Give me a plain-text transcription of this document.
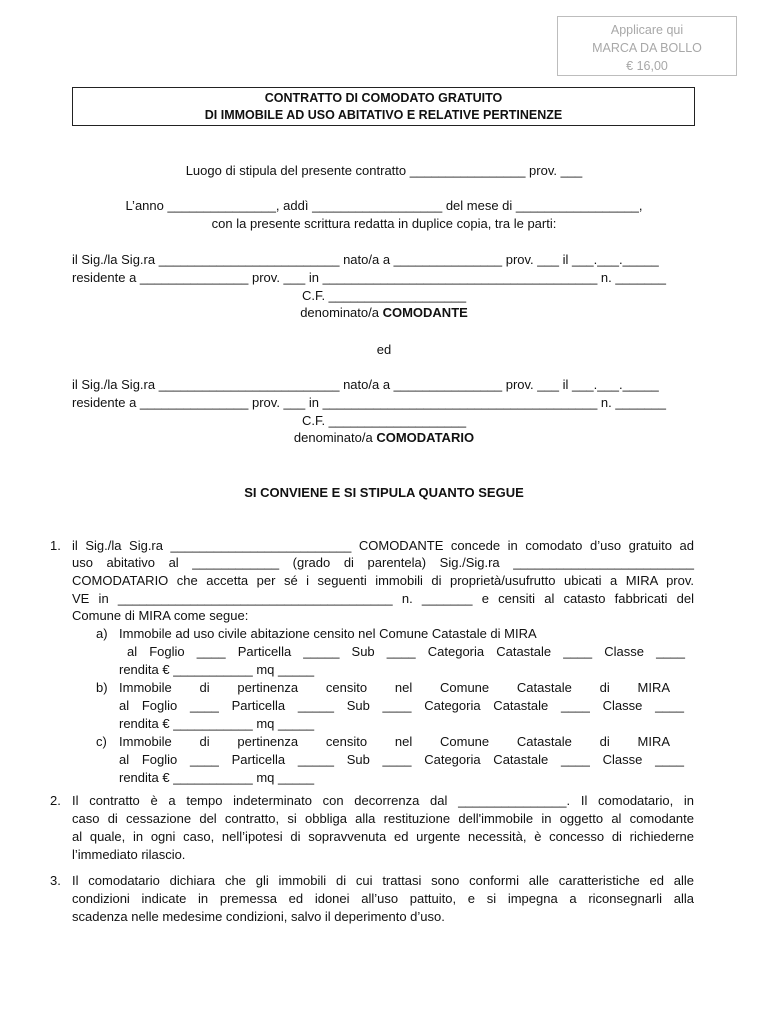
Applicare qui
MARCA DA BOLLO
€ 16,00
CONTRATTO DI COMODATO GRATUITO
DI IMMOBILE AD USO ABITATIVO E RELATIVE PERTINENZE
Luogo di stipula del presente contratto ________________ prov. ___
L’anno _______________, addì __________________ del mese di _________________,
con la presente scrittura redatta in duplice copia, tra le parti:
il Sig./la Sig.ra _________________________ nato/a a _______________ prov. ___ il ___.___._____
residente a _______________ prov. ___ in ______________________________________ n. _______
C.F. ___________________
denominato/a COMODANTE
ed
il Sig./la Sig.ra _________________________ nato/a a _______________ prov. ___ il ___.___._____
residente a _______________ prov. ___ in ______________________________________ n. _______
C.F. ___________________
denominato/a COMODATARIO
SI CONVIENE E SI STIPULA QUANTO SEGUE
1. il Sig./la Sig.ra _________________________ COMODANTE concede in comodato d’uso gratuito ad
uso abitativo al ____________ (grado di parentela) Sig./Sig.ra _________________________
COMODATARIO che accetta per sé i seguenti immobili di proprietà/usufrutto ubicati a MIRA prov.
VE in ______________________________________ n. _______ e censiti al catasto fabbricati del
Comune di MIRA come segue:
a) Immobile ad uso civile abitazione censito nel Comune Catastale di MIRA
al Foglio ____ Particella _____ Sub ____ Categoria Catastale ____ Classe ____
rendita € ___________ mq _____
b) Immobile di pertinenza censito nel Comune Catastale di MIRA
al Foglio ____ Particella _____ Sub ____ Categoria Catastale ____ Classe ____
rendita € ___________ mq _____
c) Immobile di pertinenza censito nel Comune Catastale di MIRA
al Foglio ____ Particella _____ Sub ____ Categoria Catastale ____ Classe ____
rendita € ___________ mq _____
2. Il contratto è a tempo indeterminato con decorrenza dal _______________. Il comodatario, in
caso di cessazione del contratto, si obbliga alla restituzione dell'immobile in oggetto al comodante
al quale, in ogni caso, nell’ipotesi di sopravvenuta ed urgente necessità, è concesso di richiederne
l’immediato rilascio.
3. Il comodatario dichiara che gli immobili di cui trattasi sono conformi alle caratteristiche ed alle
condizioni indicate in premessa ed idonei all’uso pattuito, e si impegna a riconsegnarli alla
scadenza nelle medesime condizioni, salvo il deperimento d’uso.
